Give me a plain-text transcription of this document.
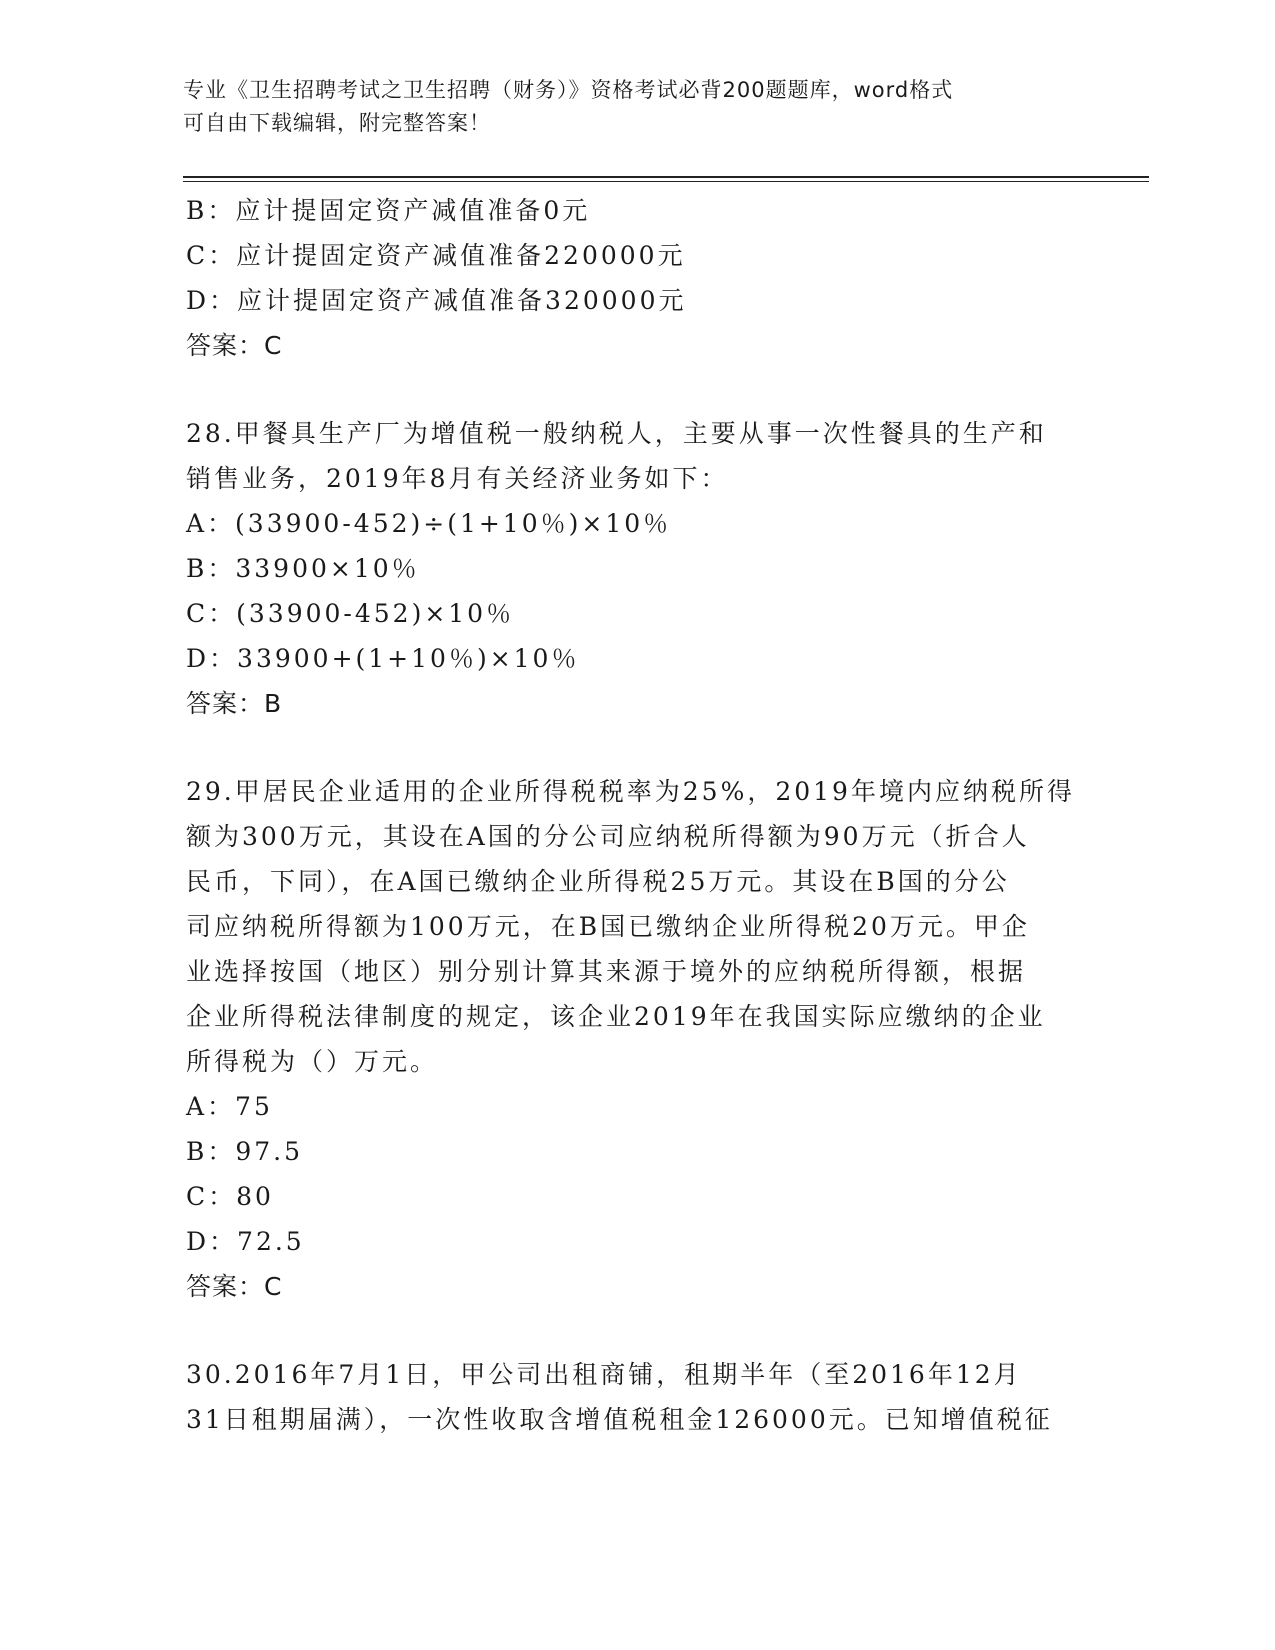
专业《卫生招聘考试之卫生招聘（财务）》资格考试必背200题题库，word格式
可自由下载编辑，附完整答案！
B：应计提固定资产减值准备0元
C：应计提固定资产减值准备220000元
D：应计提固定资产减值准备320000元
答案：C
28.甲餐具生产厂为增值税一般纳税人，主要从事一次性餐具的生产和
销售业务，2019年8月有关经济业务如下：
A：(33900-452)÷(1+10％)×10％
B：33900×10％
C：(33900-452)×10％
D：33900+(1+10％)×10％
答案：B
29.甲居民企业适用的企业所得税税率为25%，2019年境内应纳税所得
额为300万元，其设在A国的分公司应纳税所得额为90万元（折合人
民币，下同），在A国已缴纳企业所得税25万元。其设在B国的分公
司应纳税所得额为100万元，在B国已缴纳企业所得税20万元。甲企
业选择按国（地区）别分别计算其来源于境外的应纳税所得额，根据
企业所得税法律制度的规定，该企业2019年在我国实际应缴纳的企业
所得税为（）万元。
A：75
B：97.5
C：80
D：72.5
答案：C
30.2016年7月1日，甲公司出租商铺，租期半年（至2016年12月
31日租期届满），一次性收取含增值税租金126000元。已知增值税征
